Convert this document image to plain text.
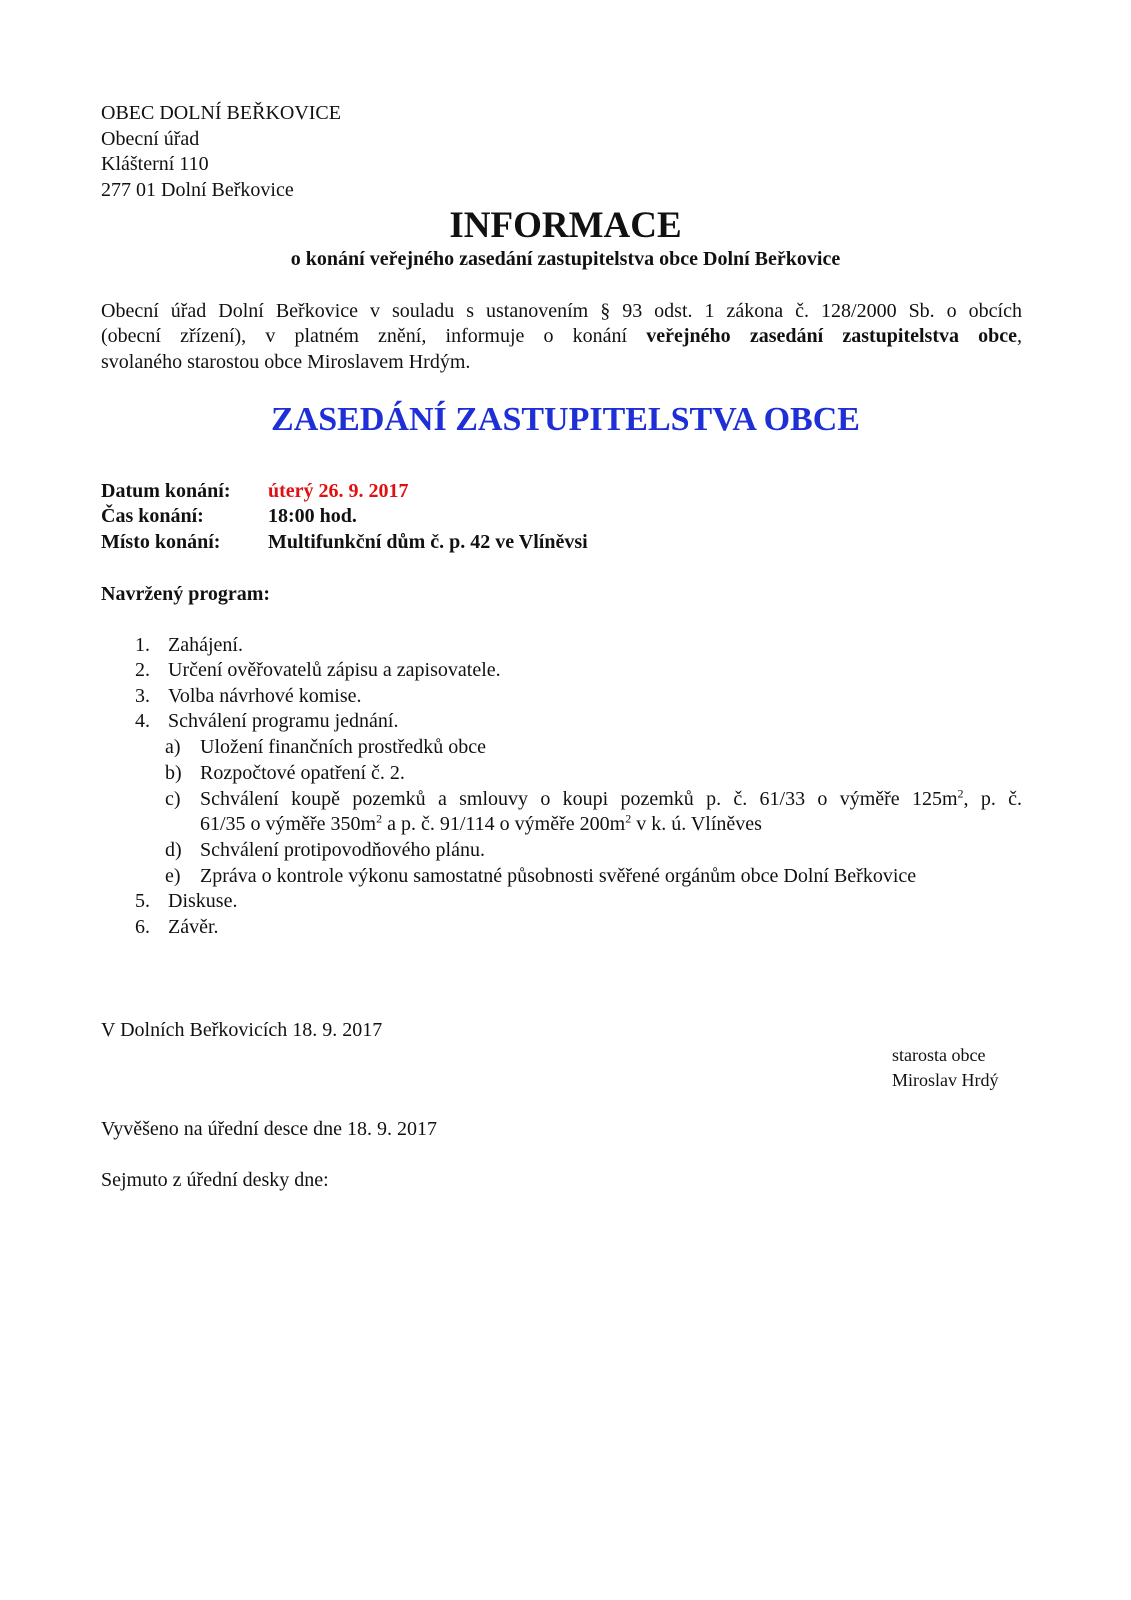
OBEC DOLNÍ BEŘKOVICE
Obecní úřad
Klášterní 110
277 01 Dolní Beřkovice
INFORMACE
o konání veřejného zasedání zastupitelstva obce Dolní Beřkovice
Obecní úřad Dolní Beřkovice v souladu s ustanovením § 93 odst. 1 zákona č. 128/2000 Sb. o obcích
(obecní zřízení), v platném znění, informuje o konání veřejného zasedání zastupitelstva obce,
svolaného starostou obce Miroslavem Hrdým.
ZASEDÁNÍ ZASTUPITELSTVA OBCE
Datum konání: úterý 26. 9. 2017
Čas konání:	18:00 hod.
Místo konání: Multifunkční dům č. p. 42 ve Vlíněvsi
Navržený program:
1. Zahájení.
2. Určení ověřovatelů zápisu a zapisovatele.
3. Volba návrhové komise.
4. Schválení programu jednání.
a) Uložení finančních prostředků obce
b) Rozpočtové opatření č. 2.
c) Schválení koupě pozemků a smlouvy o koupi pozemků p. č. 61/33 o výměře $125m^2$, p. č.
61/35 o výměře $350m^2$ a p. č. 91/114 o výměře $200m^2$ v k. ú. Vlíněves
d) Schválení protipovodňového plánu.
e) Zpráva o kontrole výkonu samostatné působnosti svěřené orgánům obce Dolní Beřkovice
5. Diskuse.
6. Závěr.
V Dolních Beřkovicích 18. 9. 2017
starosta obce
Miroslav Hrdý
Vyvěšeno na úřední desce dne 18. 9. 2017
Sejmuto z úřední desky dne:
